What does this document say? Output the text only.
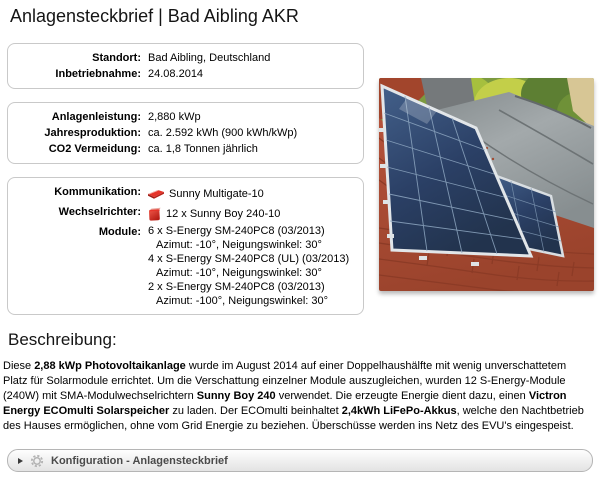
Anlagensteckbrief | Bad Aibling AKR
Standort: Bad Aibling, Deutschland
Inbetriebnahme: 24.08.2014
Anlagenleistung: 2,880 kWp
Jahresproduktion: ca. 2.592 kWh (900 kWh/kWp)
CO2 Vermeidung: ca. 1,8 Tonnen jährlich
Kommunikation:	Sunny Multigate-10
Wechselrichter:	12 x Sunny Boy 240-10
Module: 6 x S-Energy SM-240PC8 (03/2013)
Azimut: -10°, Neigungswinkel: 30°
4 x S-Energy SM-240PC8 (UL) (03/2013)
Azimut: -10°, Neigungswinkel: 30°
2 x S-Energy SM-240PC8 (03/2013)
Azimut: -100°, Neigungswinkel: 30°
Beschreibung:

Diese 2,88 kWp Photovoltaikanlage wurde im August 2014 auf einer Doppelhaushälfte mit wenig unverschattetem Platz für Solarmodule errichtet. Um die Verschattung einzelner Module auszugleichen, wurden 12 S-Energy-Module (240W) mit SMA-Modulwechselrichtern Sunny Boy 240 verwendet. Die erzeugte Energie dient dazu, einen Victron Energy ECOmulti Solarspeicher zu laden. Der ECOmulti beinhaltet 2,4kWh LiFePo-Akkus, welche den Nachtbetrieb des Hauses ermöglichen, ohne vom Grid Energie zu beziehen. Überschüsse werden ins Netz des EVU's eingespeist.

Konfiguration - Anlagensteckbrief
